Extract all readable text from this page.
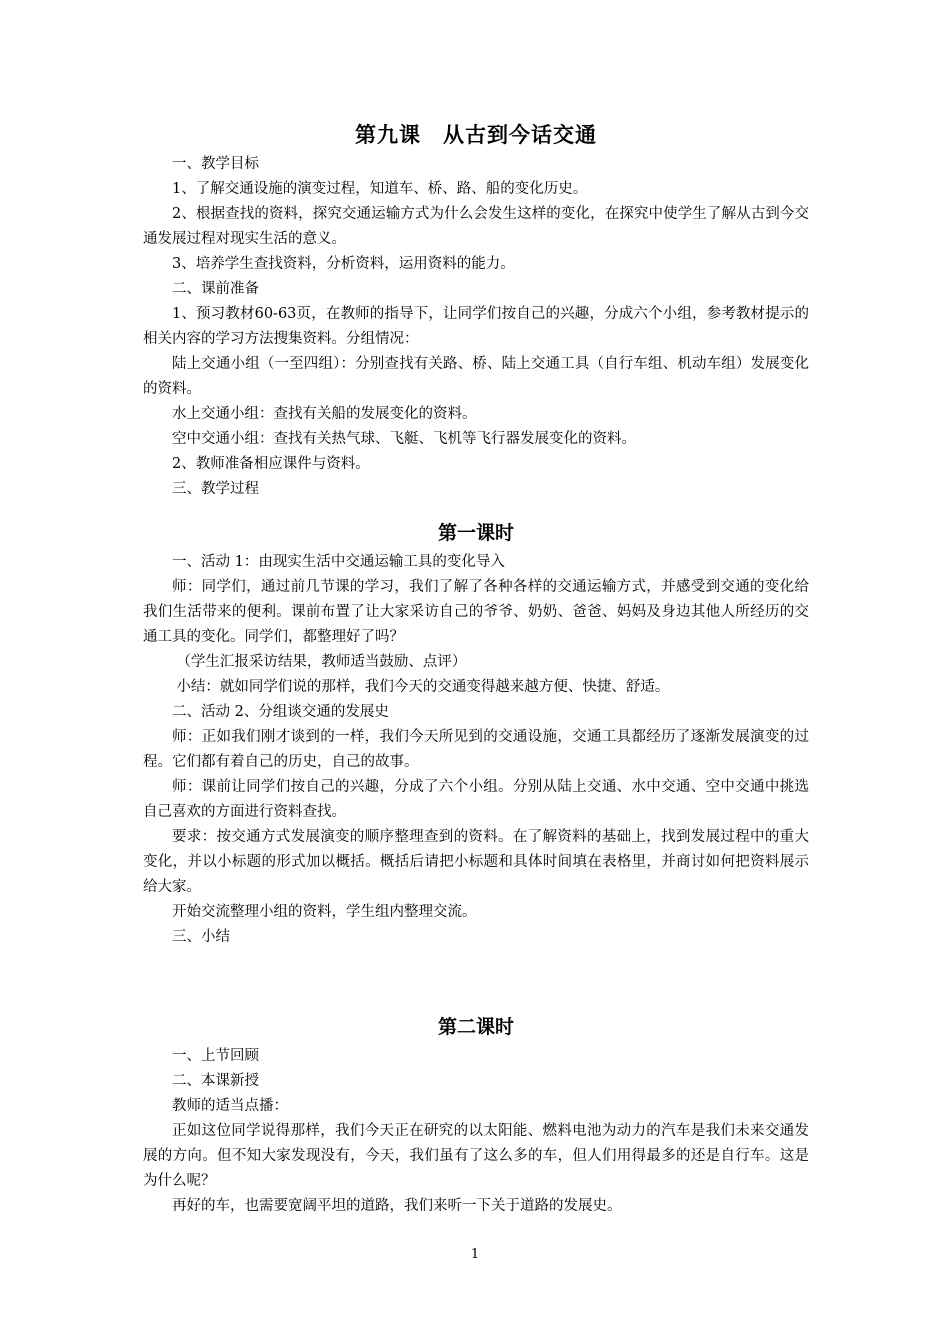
第九课　从古到今话交通

一、教学目标

1、了解交通设施的演变过程，知道车、桥、路、船的变化历史。

2、根据查找的资料，探究交通运输方式为什么会发生这样的变化，在探究中使学生了解从古到今交通发展过程对现实生活的意义。

3、培养学生查找资料，分析资料，运用资料的能力。

二、课前准备

1、预习教材60-63页，在教师的指导下，让同学们按自己的兴趣，分成六个小组，参考教材提示的相关内容的学习方法搜集资料。分组情况：

陆上交通小组（一至四组）：分别查找有关路、桥、陆上交通工具（自行车组、机动车组）发展变化的资料。

水上交通小组：查找有关船的发展变化的资料。

空中交通小组：查找有关热气球、飞艇、飞机等飞行器发展变化的资料。

2、教师准备相应课件与资料。

三、教学过程

第一课时

一、活动 1：由现实生活中交通运输工具的变化导入

师：同学们，通过前几节课的学习，我们了解了各种各样的交通运输方式，并感受到交通的变化给我们生活带来的便利。课前布置了让大家采访自己的爷爷、奶奶、爸爸、妈妈及身边其他人所经历的交通工具的变化。同学们，都整理好了吗？

（学生汇报采访结果，教师适当鼓励、点评）

小结：就如同学们说的那样，我们今天的交通变得越来越方便、快捷、舒适。

二、活动 2、分组谈交通的发展史

师：正如我们刚才谈到的一样，我们今天所见到的交通设施，交通工具都经历了逐渐发展演变的过程。它们都有着自己的历史，自己的故事。

师：课前让同学们按自己的兴趣，分成了六个小组。分别从陆上交通、水中交通、空中交通中挑选自己喜欢的方面进行资料查找。

要求：按交通方式发展演变的顺序整理查到的资料。在了解资料的基础上，找到发展过程中的重大变化，并以小标题的形式加以概括。概括后请把小标题和具体时间填在表格里，并商讨如何把资料展示给大家。

开始交流整理小组的资料，学生组内整理交流。

三、小结

第二课时

一、上节回顾

二、本课新授

教师的适当点播：

正如这位同学说得那样，我们今天正在研究的以太阳能、燃料电池为动力的汽车是我们未来交通发展的方向。但不知大家发现没有，今天，我们虽有了这么多的车，但人们用得最多的还是自行车。这是为什么呢？

再好的车，也需要宽阔平坦的道路，我们来听一下关于道路的发展史。

1
